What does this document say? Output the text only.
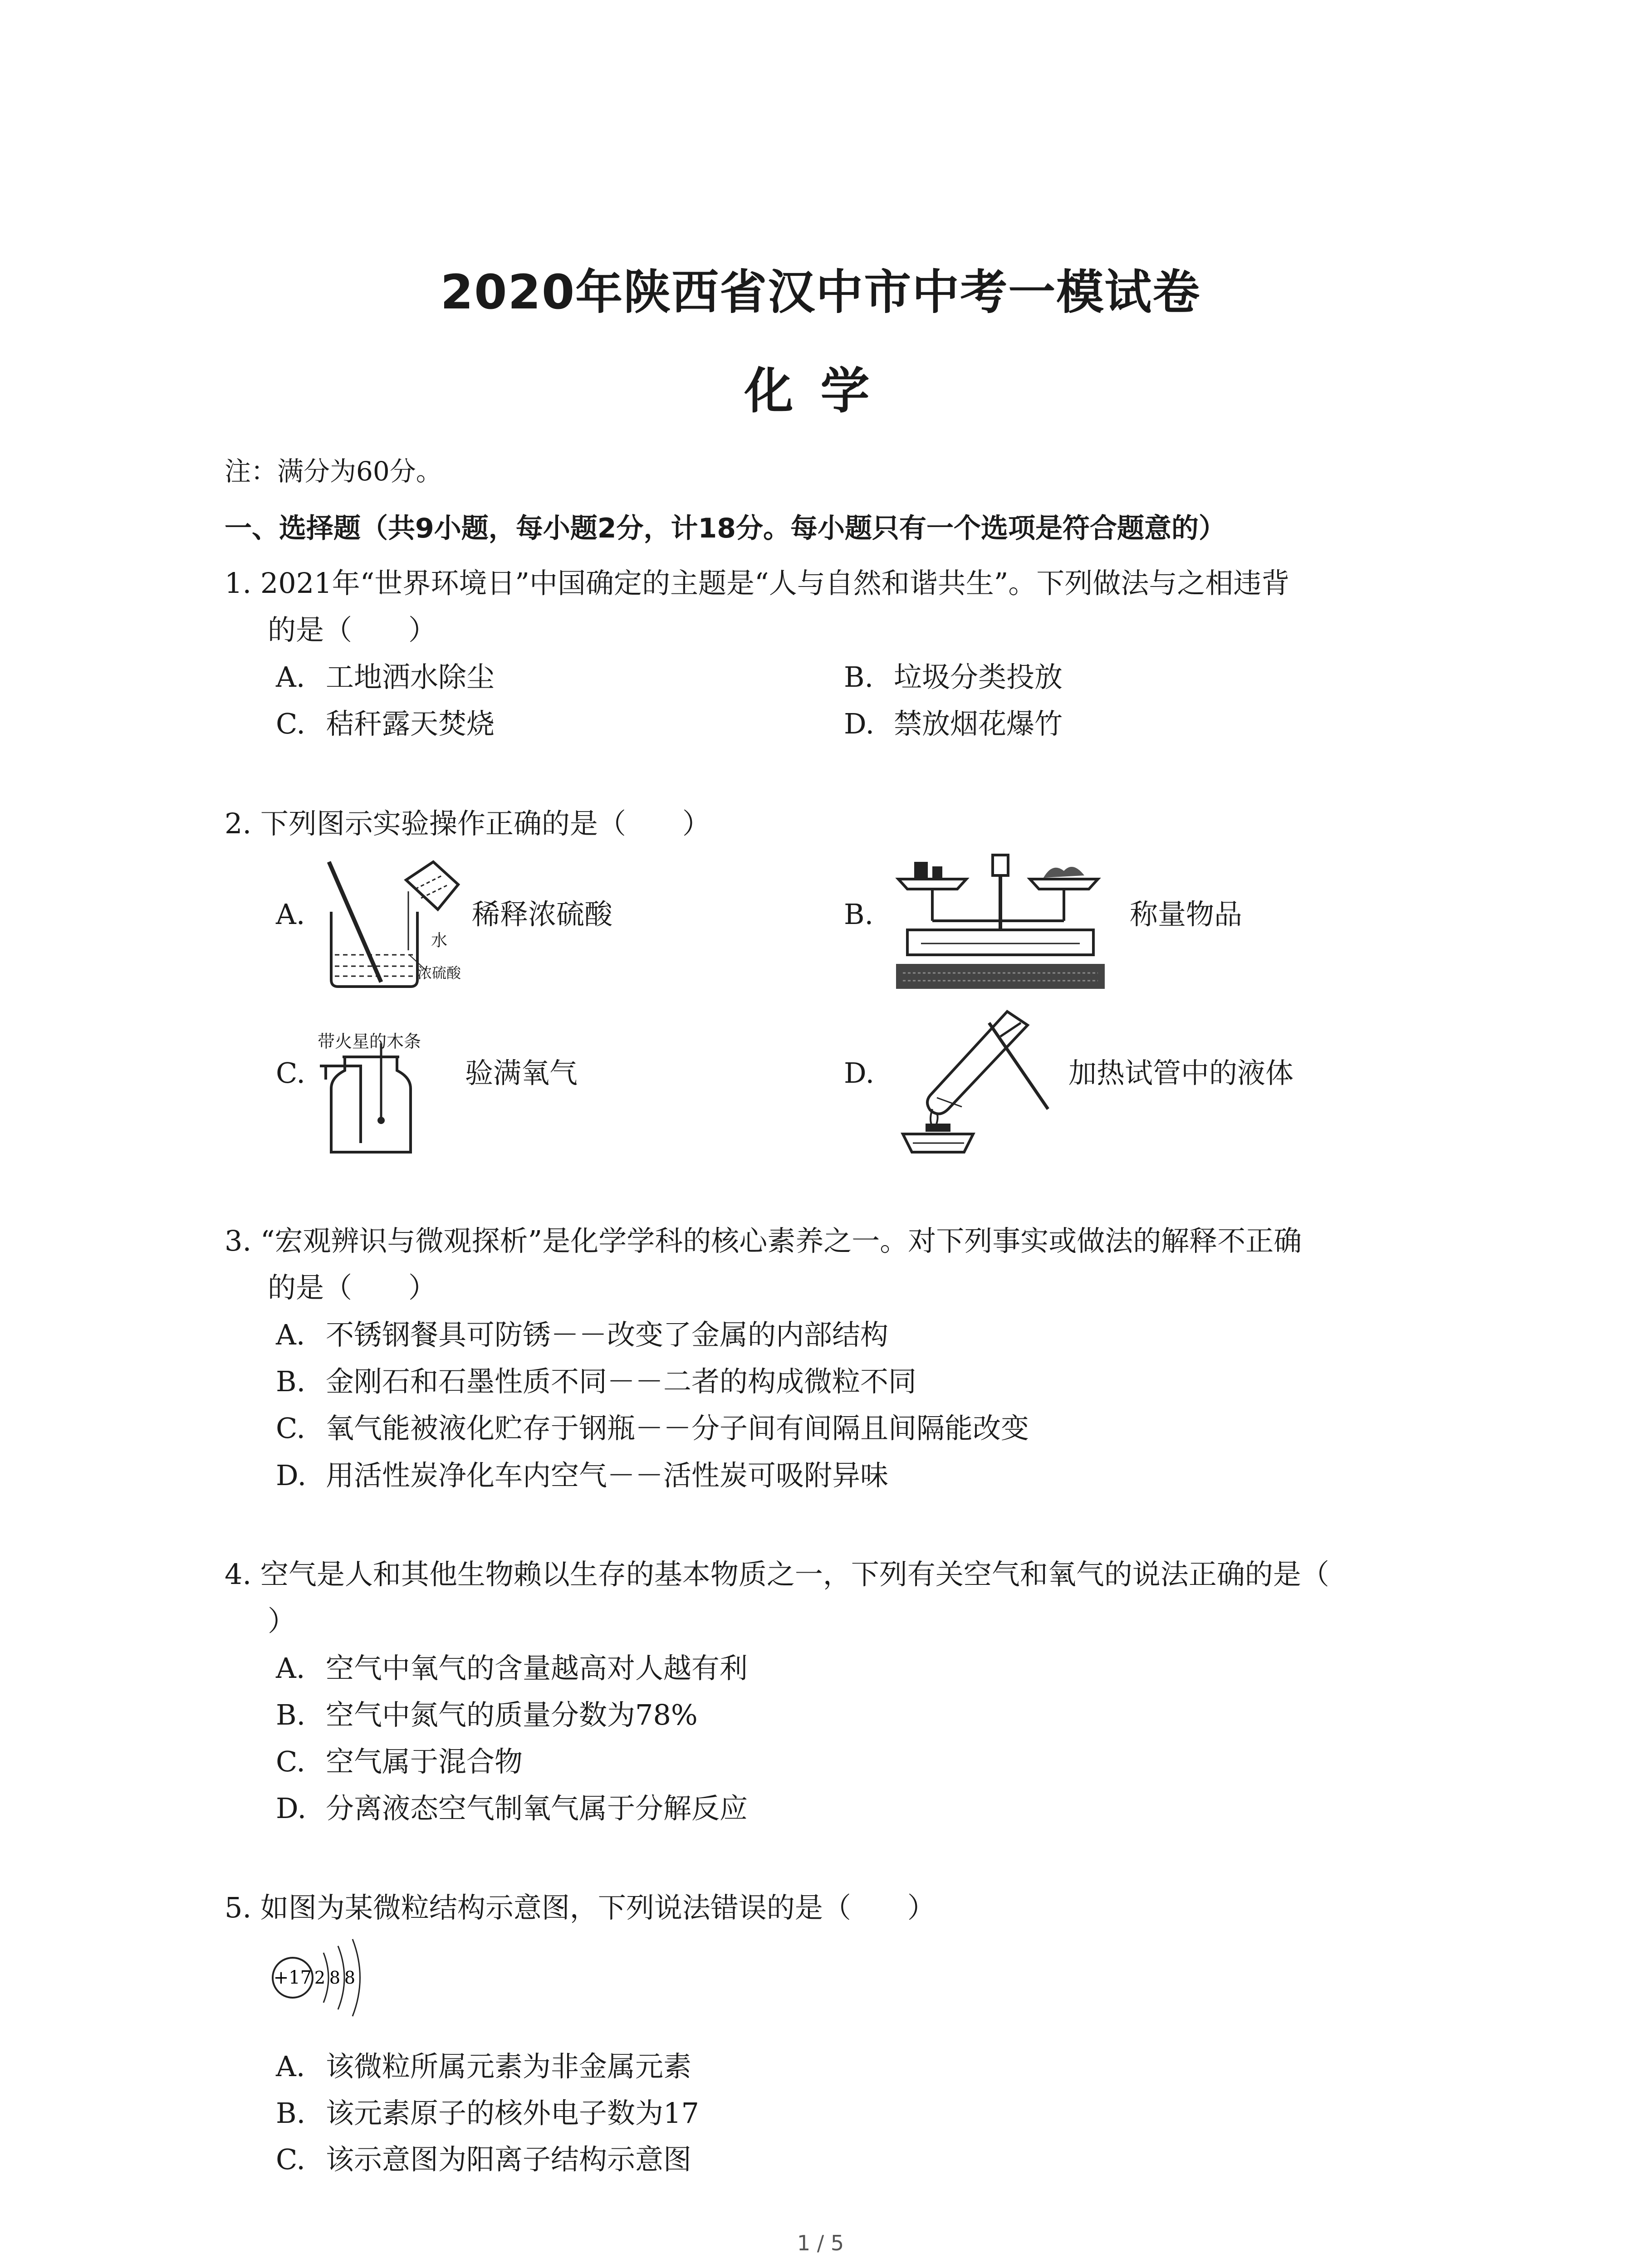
2020年陕西省汉中市中考一模试卷
化学
注：满分为60分。
一、选择题（共9小题，每小题2分，计18分。每小题只有一个选项是符合题意的）
1. 2021年“世界环境日”中国确定的主题是“人与自然和谐共生”。下列做法与之相违背
的是（　　）
A. 工地洒水除尘	B. 垃圾分类投放
C. 秸秆露天焚烧	D. 禁放烟花爆竹
2. 下列图示实验操作正确的是（　　）
A.
水
浓硫酸
稀释浓硫酸	B.	称量物品
带火星的木条
C.	验满氧气	D.	加热试管中的液体
3. “宏观辨识与微观探析”是化学学科的核心素养之一。对下列事实或做法的解释不正确
的是（　　）
A. 不锈钢餐具可防锈－－改变了金属的内部结构
B. 金刚石和石墨性质不同－－二者的构成微粒不同
C. 氧气能被液化贮存于钢瓶－－分子间有间隔且间隔能改变
D. 用活性炭净化车内空气－－活性炭可吸附异味
4. 空气是人和其他生物赖以生存的基本物质之一，下列有关空气和氧气的说法正确的是（
）
A. 空气中氧气的含量越高对人越有利
B. 空气中氮气的质量分数为78%
C. 空气属于混合物
D. 分离液态空气制氧气属于分解反应
5. 如图为某微粒结构示意图，下列说法错误的是（　　）
+17 2 8 8
A. 该微粒所属元素为非金属元素
B. 该元素原子的核外电子数为17
C. 该示意图为阳离子结构示意图
1 / 5
